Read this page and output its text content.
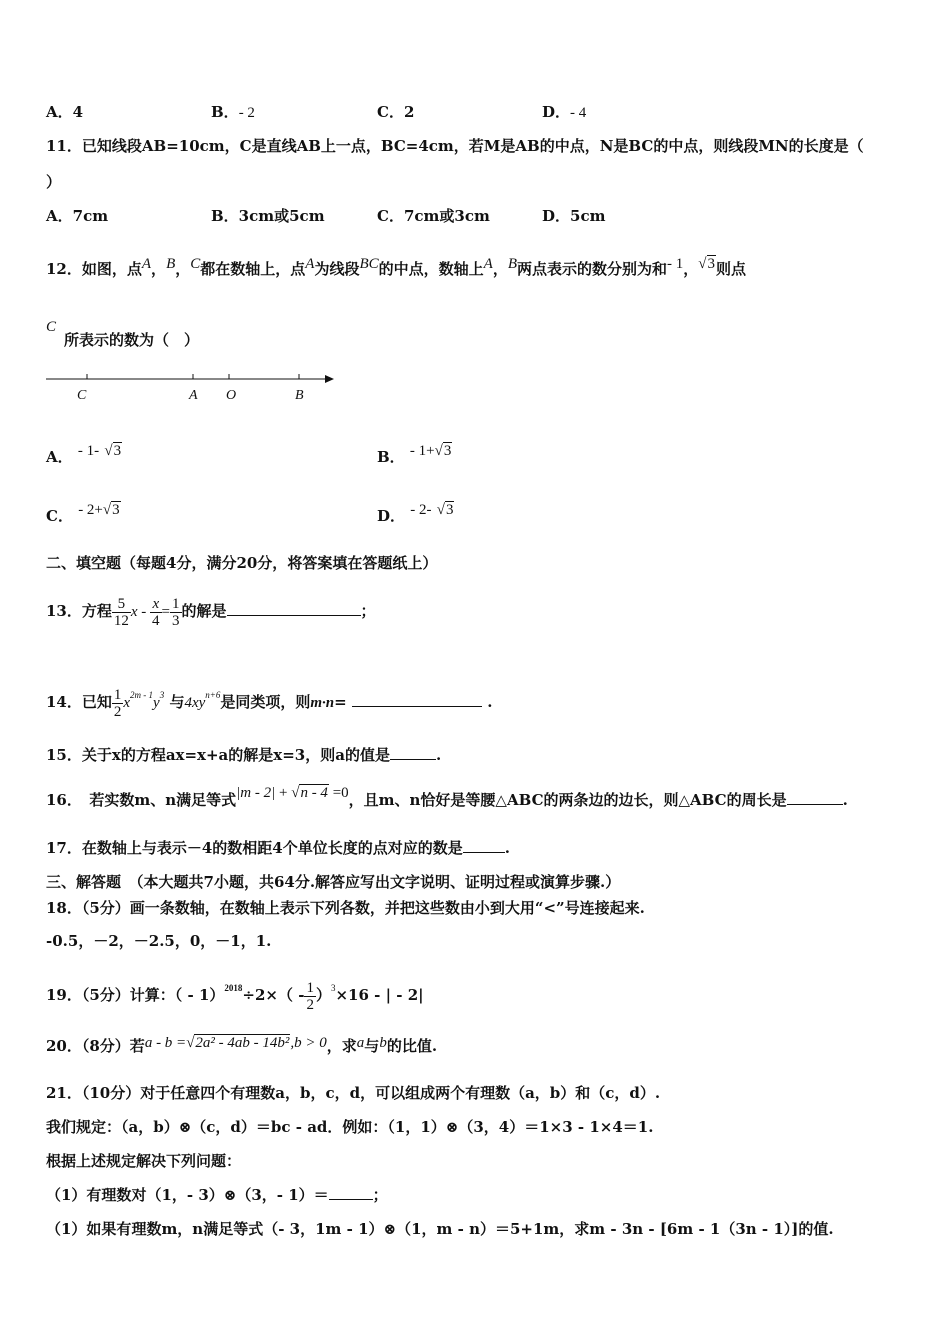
A．4	B．- 2	C．2	D．- 4
11．已知线段AB=10cm，C是直线AB上一点，BC=4cm，若M是AB的中点，N是BC的中点，则线段MN的长度是（
）
A．7cm	B．3cm或5cm	C．7cm或3cm	D．5cm
12．如图，点A，B，C都在数轴上，点A为线段BC的中点，数轴上A，B两点表示的数分别为和- 1，√3则点
C
所表示的数为（　）
C	A O	B
A． - 1- √3	B． - 1+√3
C． - 2+√3	D． - 2- √3
二、填空题（每题4分，满分20分，将答案填在答题纸上）
13．方程 $\frac{5}{12}$ $x - \frac{x}{4} = \frac{1}{3}$ 的解是	；
14．已知 $\frac{1}{2} x^{2m - 1}y^3$ 与$4xy^{n+6}$是同类项，则m·n=	.
15．关于x的方程ax=x+a的解是x=3，则a的值是	.
16．　若实数m、n满足等式|m - 2| + √n - 4 =0，且m、n恰好是等腰△ABC的两条边的边长，则△ABC的周长是	.
17．在数轴上与表示－4的数相距4个单位长度的点对应的数是	.
三、解答题　（本大题共7小题，共64分.解答应写出文字说明、证明过程或演算步骤.）
18．（5分）画一条数轴，在数轴上表示下列各数，并把这些数由小到大用“<”号连接起来.
-0.5，－2，－2.5，0，－1，1.
19．（5分）计算：（ - $1)^{2018}\div 2\times( - \frac{1}{2} )^3\times 16$ - | - 2|
20．（8分）若a - b =√2a² - 4ab - 14b²,b > 0，求a与b的比值.
21．（10分）对于任意四个有理数a，b，c，d，可以组成两个有理数（a，b）和（c，d）.
我们规定：（a，b）⊗（c，d）＝bc - ad．例如：（1，1）⊗（3，4）＝1×3 - 1×4＝1.
根据上述规定解决下列问题：
（1）有理数对（1，- 3）⊗（3，- 1）＝	；
（1）如果有理数m，n满足等式（- 3，1m - 1）⊗（1，m - n）＝5+1m，求m - 3n - [6m - 1（3n - 1）]的值.
